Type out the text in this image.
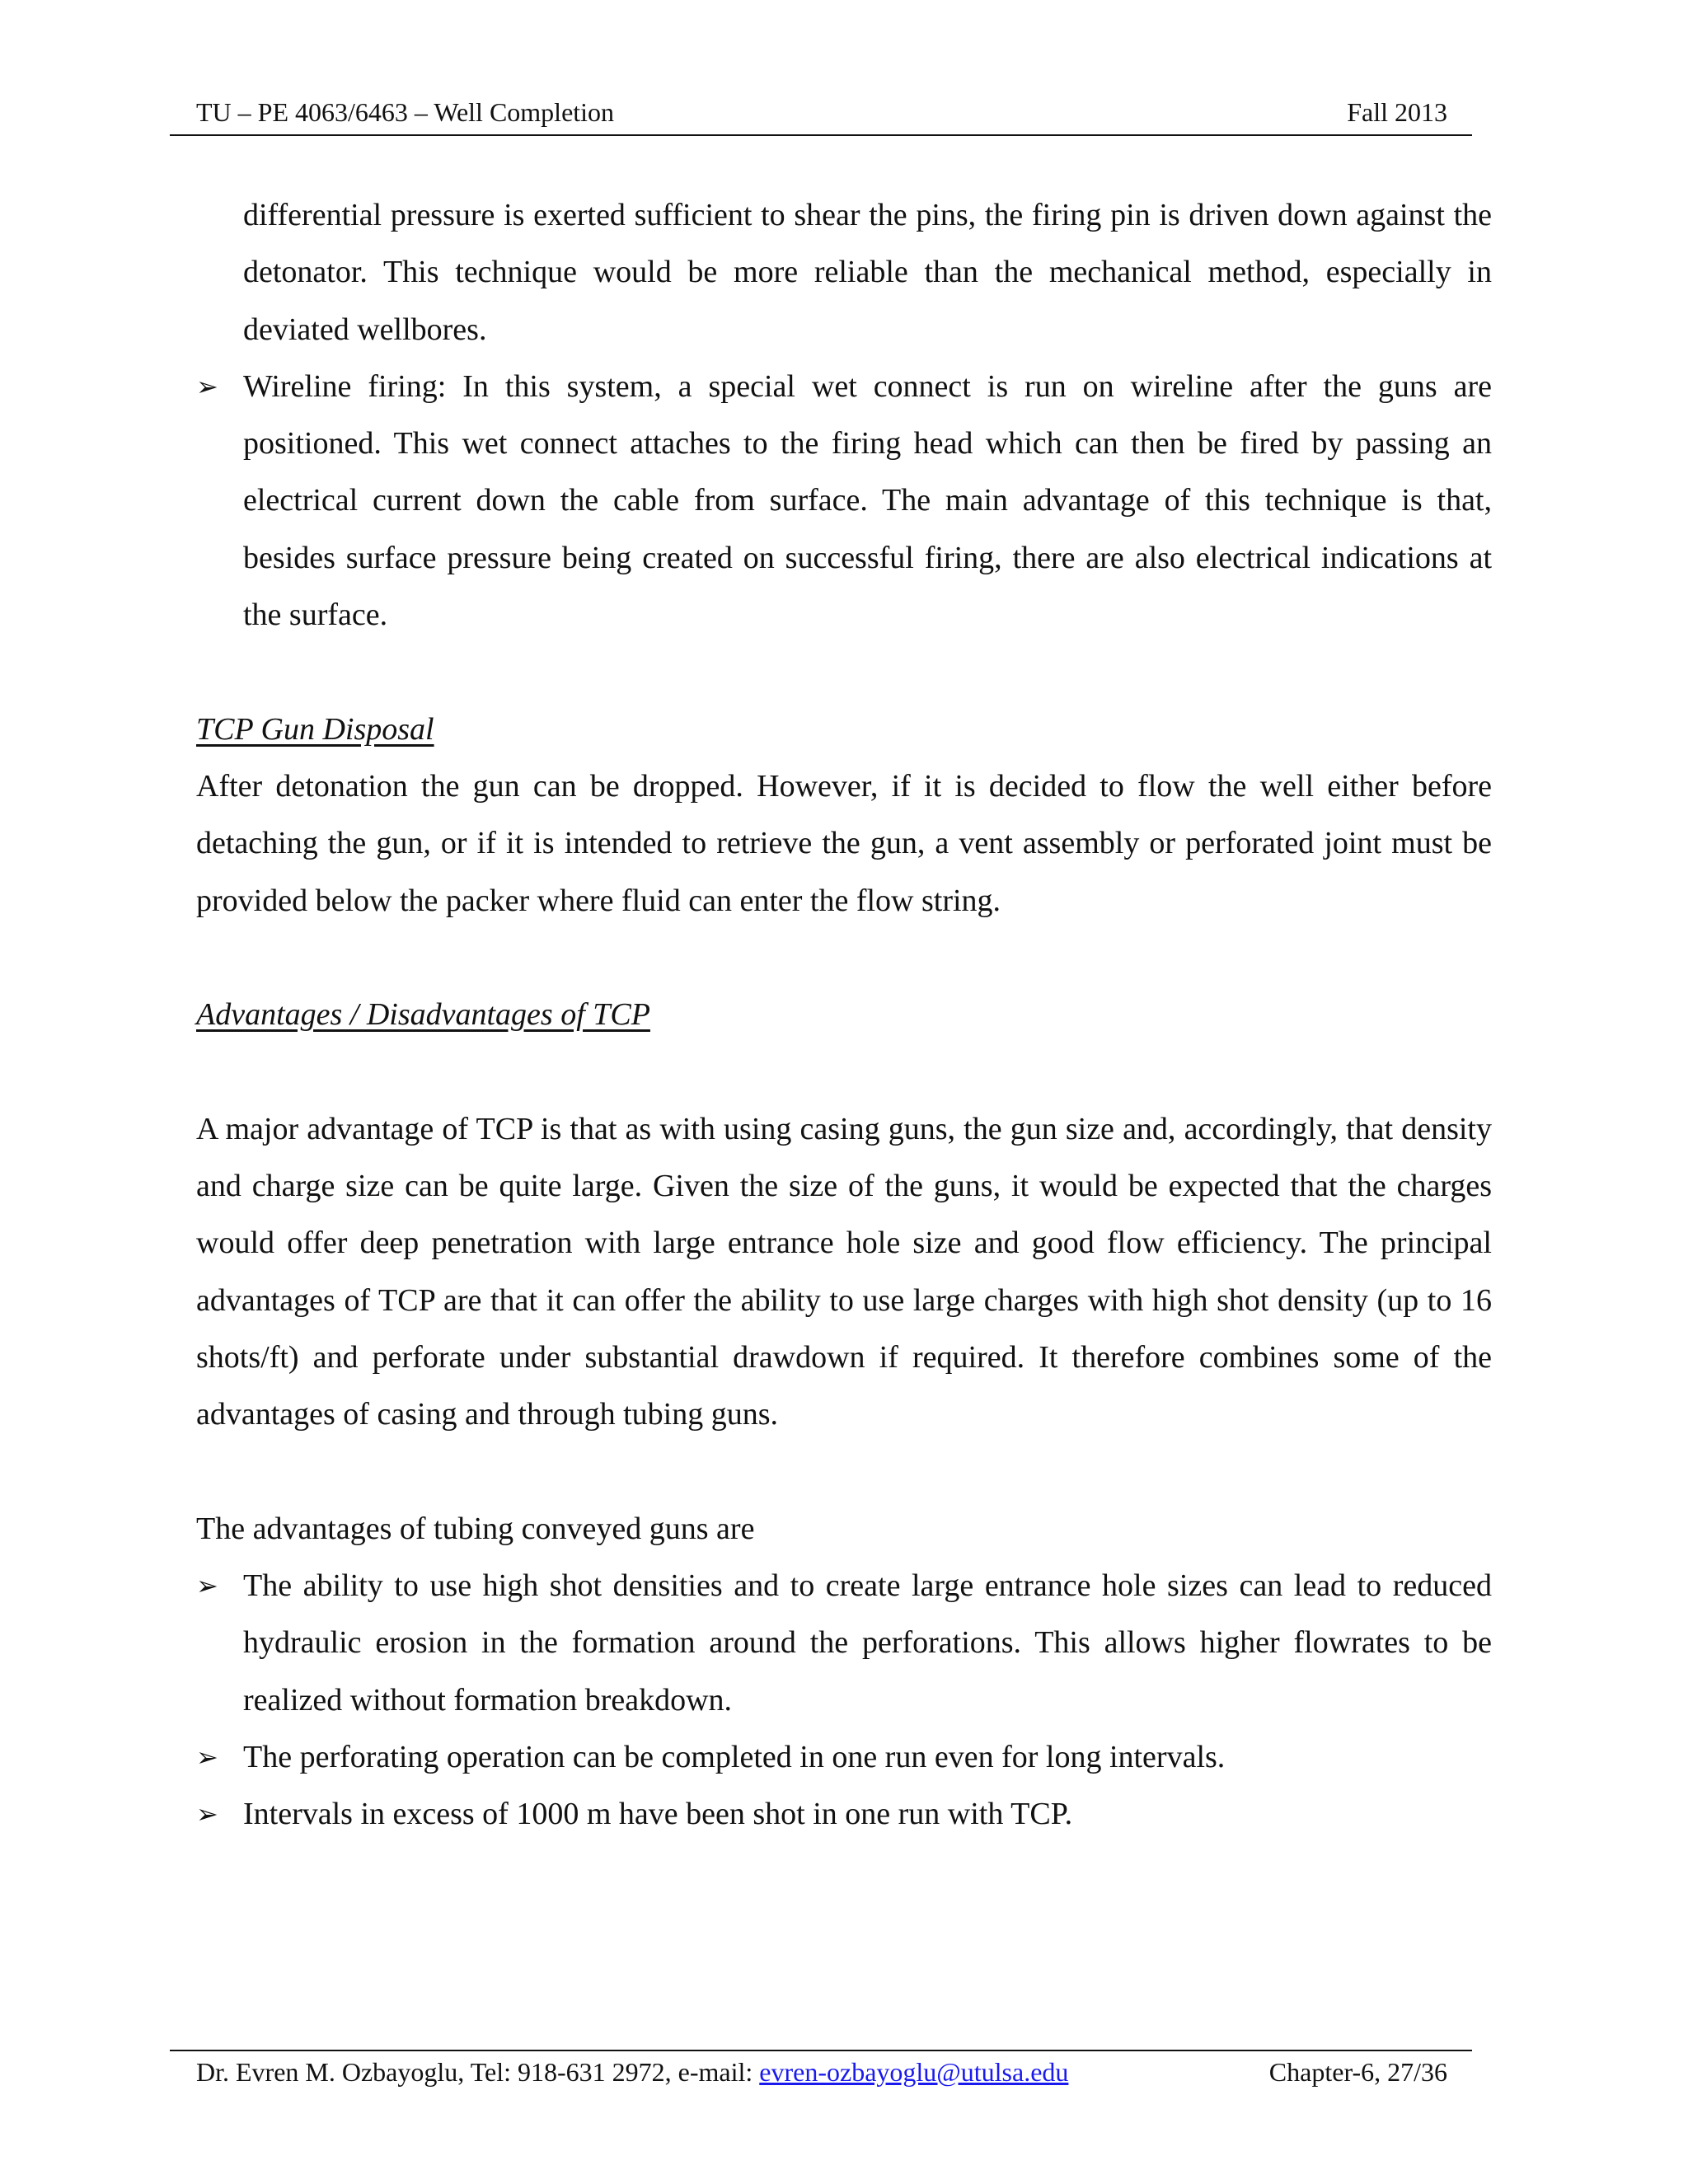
TU – PE 4063/6463 – Well Completion	Fall 2013

differential pressure is exerted sufficient to shear the pins, the firing pin is driven down against the detonator. This technique would be more reliable than the mechanical method, especially in deviated wellbores.

➢ Wireline firing: In this system, a special wet connect is run on wireline after the guns are positioned. This wet connect attaches to the firing head which can then be fired by passing an electrical current down the cable from surface. The main advantage of this technique is that, besides surface pressure being created on successful firing, there are also electrical indications at the surface.

TCP Gun Disposal

After detonation the gun can be dropped. However, if it is decided to flow the well either before detaching the gun, or if it is intended to retrieve the gun, a vent assembly or perforated joint must be provided below the packer where fluid can enter the flow string.

Advantages / Disadvantages of TCP

A major advantage of TCP is that as with using casing guns, the gun size and, accordingly, that density and charge size can be quite large. Given the size of the guns, it would be expected that the charges would offer deep penetration with large entrance hole size and good flow efficiency. The principal advantages of TCP are that it can offer the ability to use large charges with high shot density (up to 16 shots/ft) and perforate under substantial drawdown if required. It therefore combines some of the advantages of casing and through tubing guns.

The advantages of tubing conveyed guns are

➢ The ability to use high shot densities and to create large entrance hole sizes can lead to reduced hydraulic erosion in the formation around the perforations. This allows higher flowrates to be realized without formation breakdown.
➢ The perforating operation can be completed in one run even for long intervals.
➢ Intervals in excess of 1000 m have been shot in one run with TCP.
Dr. Evren M. Ozbayoglu, Tel: 918-631 2972, e-mail: evren-ozbayoglu@utulsa.edu	Chapter-6, 27/36
